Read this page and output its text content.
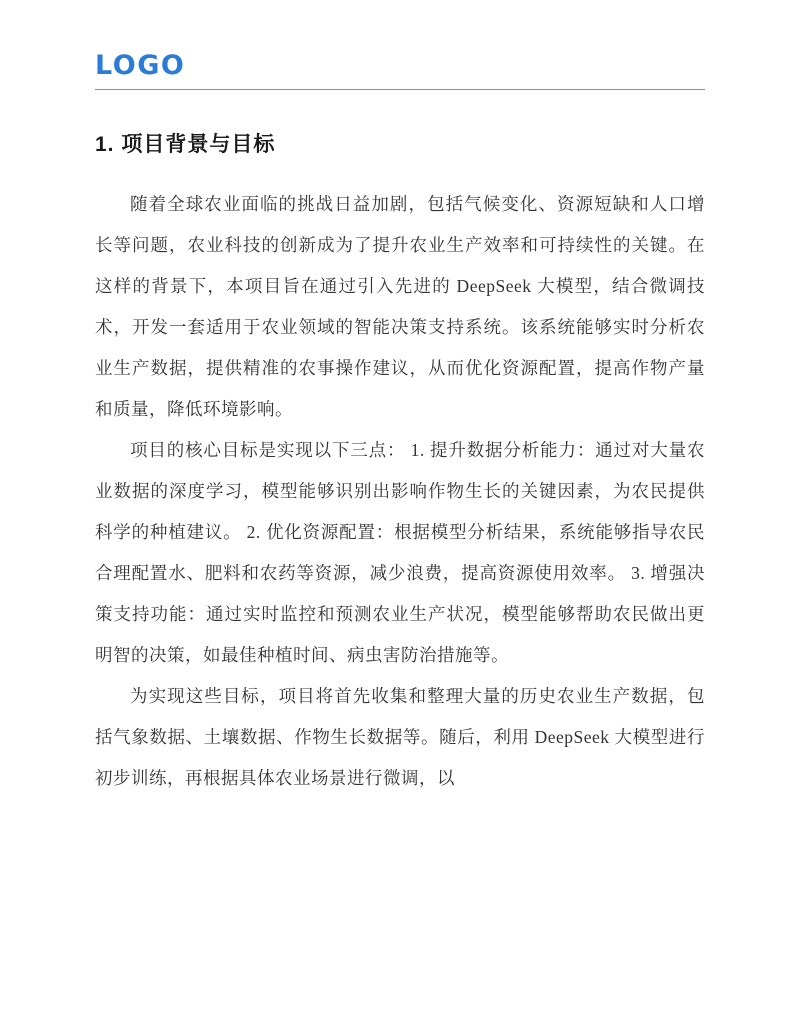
LOGO
1. 项目背景与目标

随着全球农业面临的挑战日益加剧，包括气候变化、资源短缺和人口增长等问题，农业科技的创新成为了提升农业生产效率和可持续性的关键。在这样的背景下，本项目旨在通过引入先进的 DeepSeek 大模型，结合微调技术，开发一套适用于农业领域的智能决策支持系统。该系统能够实时分析农业生产数据，提供精准的农事操作建议，从而优化资源配置，提高作物产量和质量，降低环境影响。

项目的核心目标是实现以下三点： 1. 提升数据分析能力：通过对大量农业数据的深度学习，模型能够识别出影响作物生长的关键因素，为农民提供科学的种植建议。 2. 优化资源配置：根据模型分析结果，系统能够指导农民合理配置水、肥料和农药等资源，减少浪费，提高资源使用效率。 3. 增强决策支持功能：通过实时监控和预测农业生产状况，模型能够帮助农民做出更明智的决策，如最佳种植时间、病虫害防治措施等。

为实现这些目标，项目将首先收集和整理大量的历史农业生产数据，包括气象数据、土壤数据、作物生长数据等。随后，利用 DeepSeek 大模型进行初步训练，再根据具体农业场景进行微调，以
